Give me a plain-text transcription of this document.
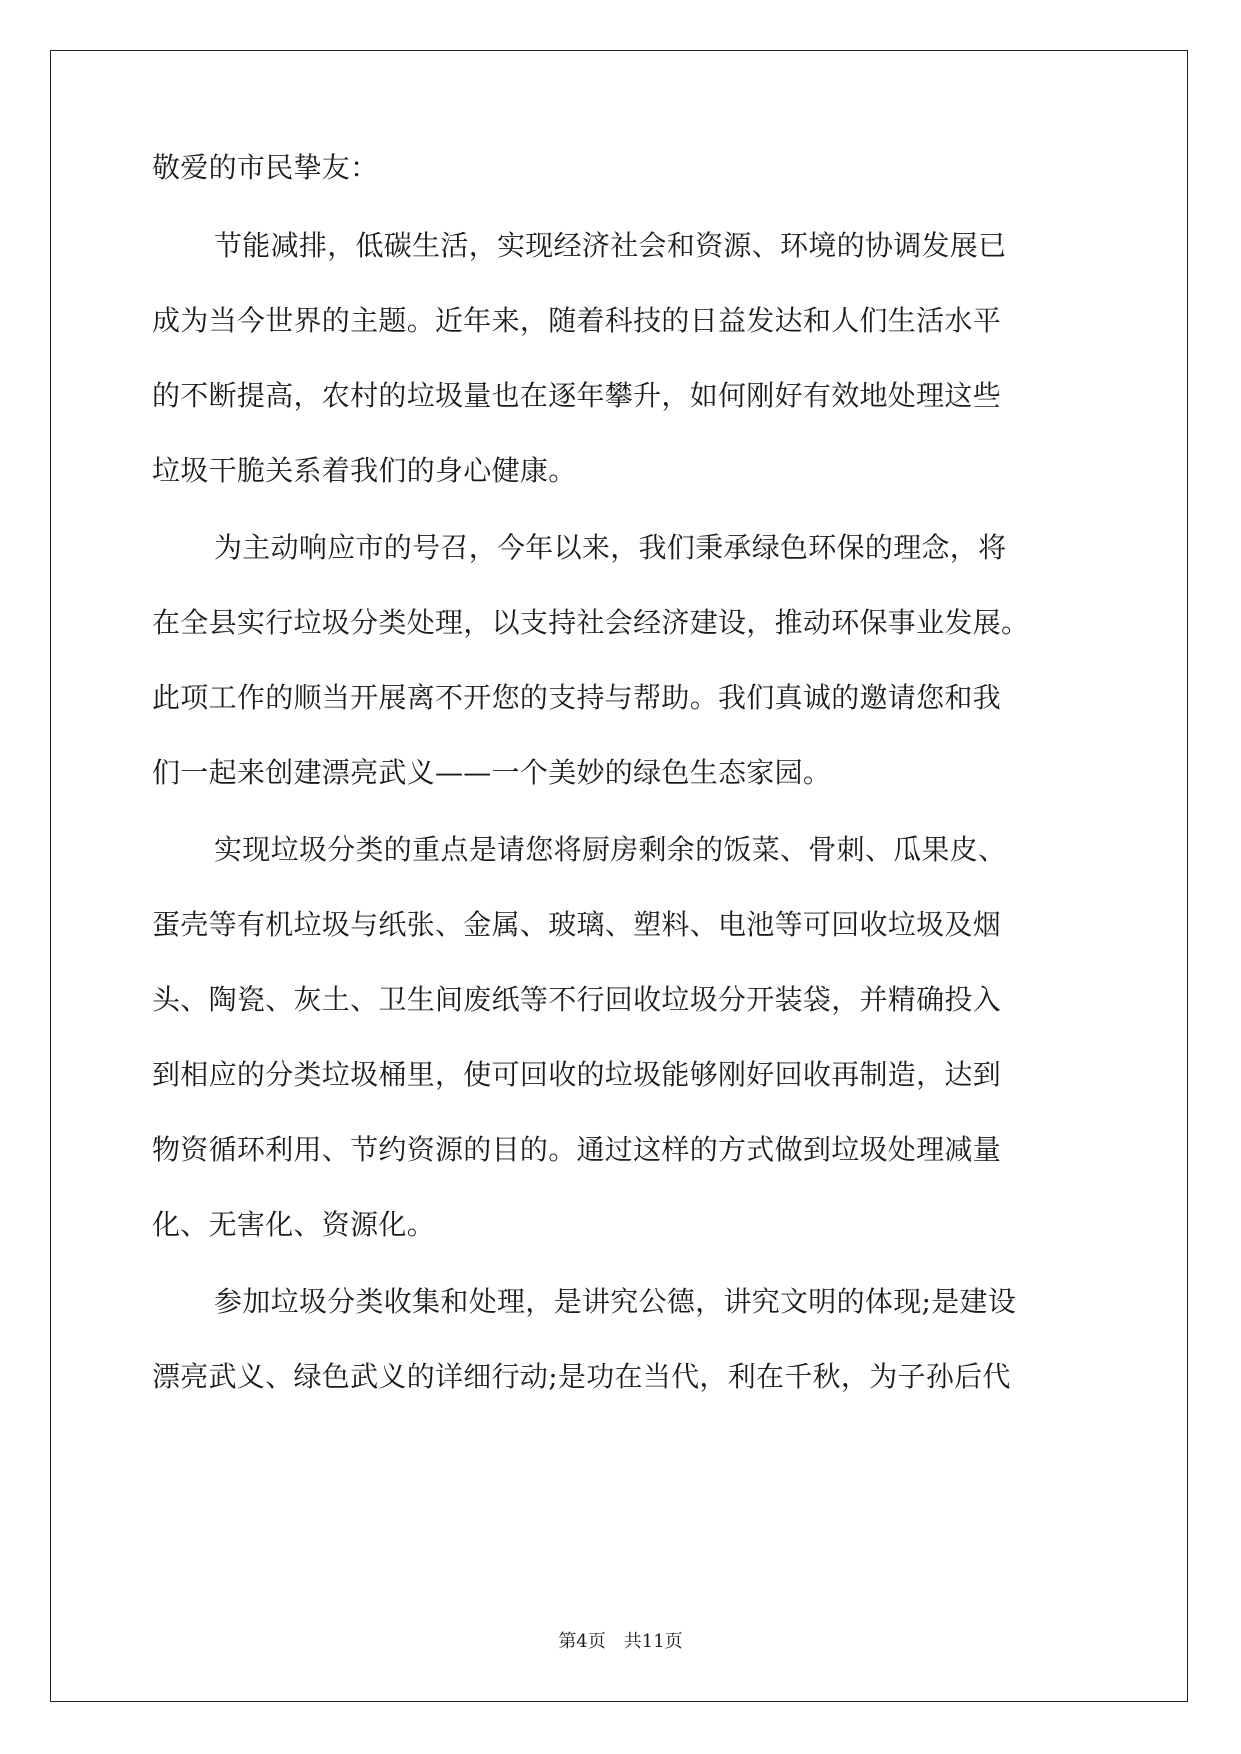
敬爱的市民挚友：
节能减排，低碳生活，实现经济社会和资源、环境的协调发展已
成为当今世界的主题。近年来，随着科技的日益发达和人们生活水平
的不断提高，农村的垃圾量也在逐年攀升，如何刚好有效地处理这些
垃圾干脆关系着我们的身心健康。
为主动响应市的号召，今年以来，我们秉承绿色环保的理念，将
在全县实行垃圾分类处理，以支持社会经济建设，推动环保事业发展。
此项工作的顺当开展离不开您的支持与帮助。我们真诚的邀请您和我
们一起来创建漂亮武义——一个美妙的绿色生态家园。
实现垃圾分类的重点是请您将厨房剩余的饭菜、骨刺、瓜果皮、
蛋壳等有机垃圾与纸张、金属、玻璃、塑料、电池等可回收垃圾及烟
头、陶瓷、灰土、卫生间废纸等不行回收垃圾分开装袋，并精确投入
到相应的分类垃圾桶里，使可回收的垃圾能够刚好回收再制造，达到
物资循环利用、节约资源的目的。通过这样的方式做到垃圾处理减量
化、无害化、资源化。
参加垃圾分类收集和处理，是讲究公德，讲究文明的体现;是建设
漂亮武义、绿色武义的详细行动;是功在当代，利在千秋，为子孙后代
第4页　共11页
